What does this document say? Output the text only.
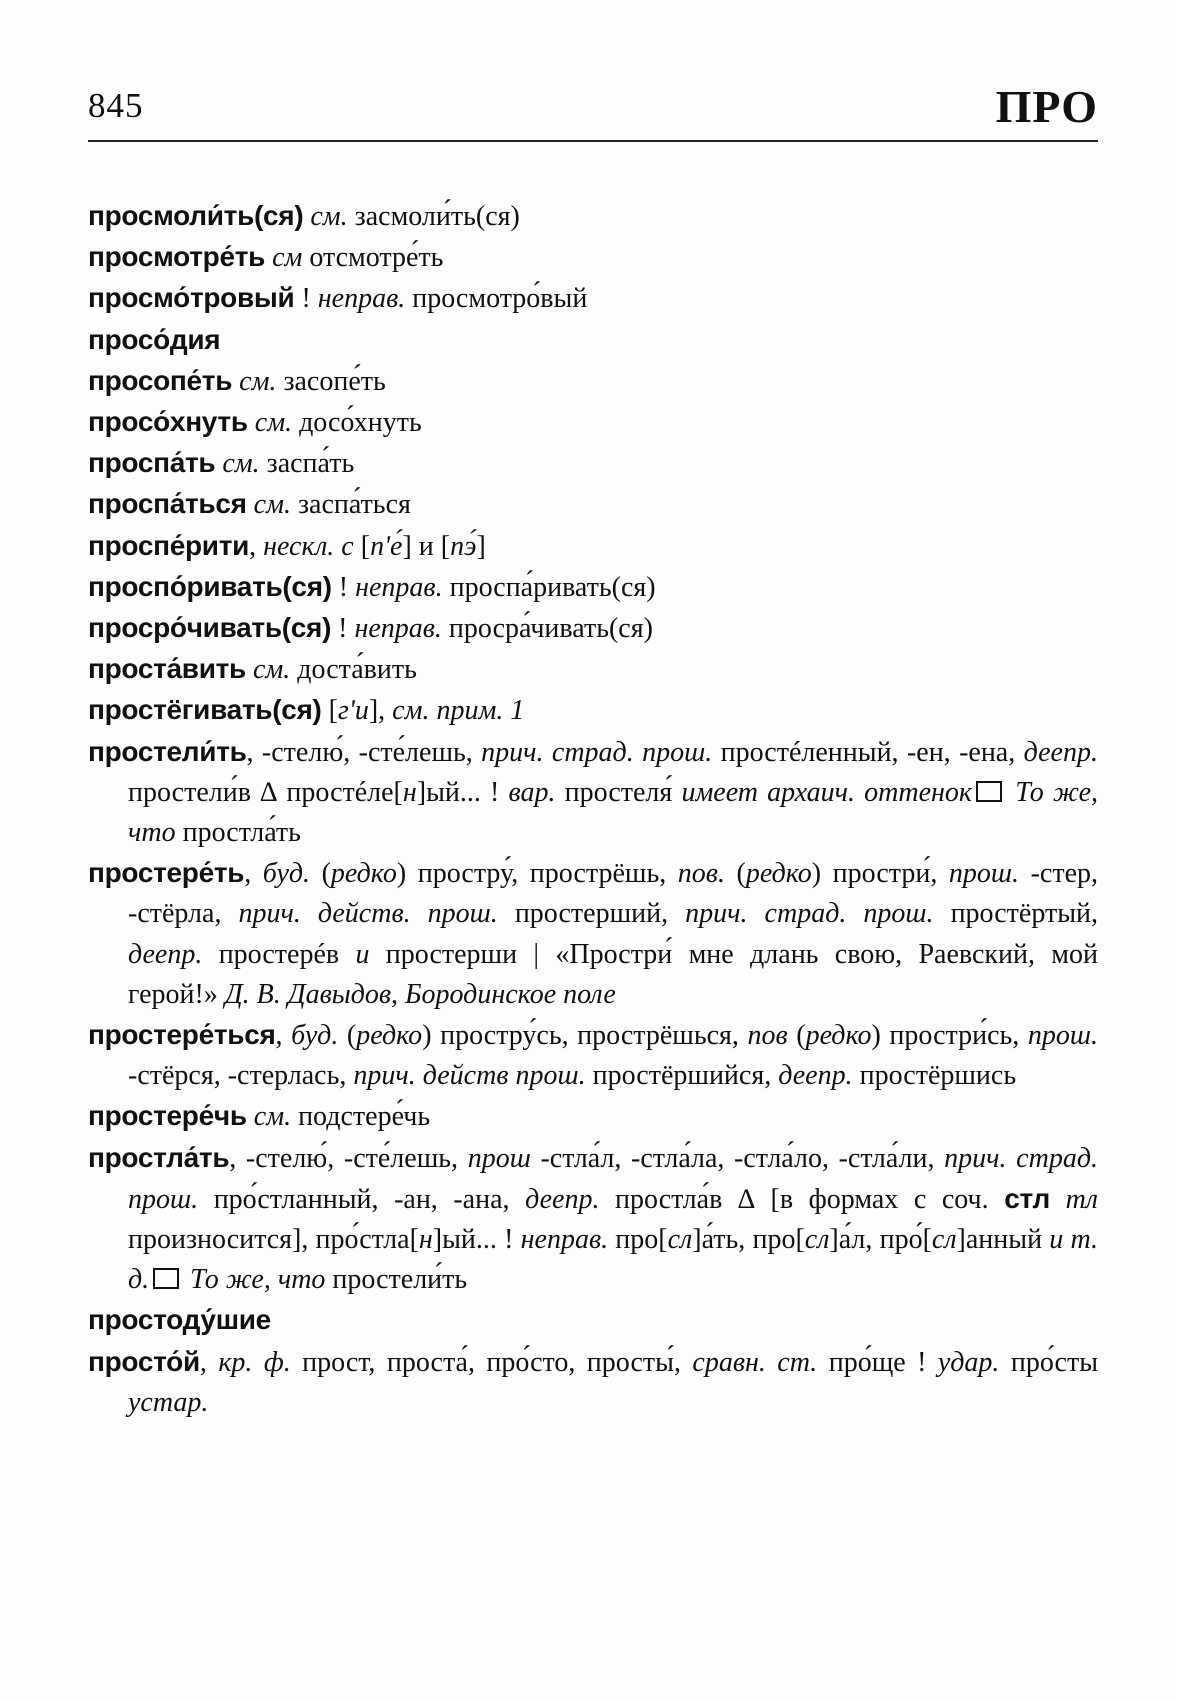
845	ПРО

просмоли́ть(ся) см. засмоли́ть(ся)

просмотре́ть см отсмотре́ть

просмо́тровый ! неправ. просмотро́вый

просо́дия

просопе́ть см. засопе́ть

просо́хнуть см. досо́хнуть

проспа́ть см. заспа́ть

проспа́ться см. заспа́ться

проспе́рити, нескл. с [пʹе́] и [пэ́]

проспо́ривать(ся) ! неправ. проспа́ривать(ся)

просро́чивать(ся) ! неправ. просра́чивать(ся)

проста́вить см. доста́вить

простёгивать(ся) [гʹи], см. прим. 1

простели́ть, -стелю́, -сте́лешь, прич. страд. прош. простéленный, -ен, -ена, деепр. простели́в ∆ простéле[н]ый... ! вар. простеля́ имеет архаич. оттенок То же, что простла́ть

простере́ть, буд. (редко) простру́, прострёшь, пов. (редко) простри́, прош. -стер, -стёрла, прич. действ. прош. простерший, прич. страд. прош. простёртый, деепр. простерéв и простерши | «Простри́ мне длань свою, Раевский, мой герой!» Д. В. Давыдов, Бородинское поле

простере́ться, буд. (редко) простру́сь, прострёшься, пов (редко) простри́сь, прош. -стёрся, -стерлась, прич. действ прош. простёршийся, деепр. простёршись

простере́чь см. подстере́чь

простла́ть, -стелю́, -сте́лешь, прош -стла́л, -стла́ла, -стла́ло, -стла́ли, прич. страд. прош. про́стланный, -ан, -ана, деепр. простла́в ∆ [в формах с соч. стл тл произносится], про́стла[н]ый... ! неправ. про[сл]а́ть, про[сл]а́л, про́[сл]анный и т. д. То же, что простели́ть

простоду́шие

просто́й, кр. ф. прост, проста́, про́сто, просты́, сравн. ст. про́ще ! удар. про́сты устар.
